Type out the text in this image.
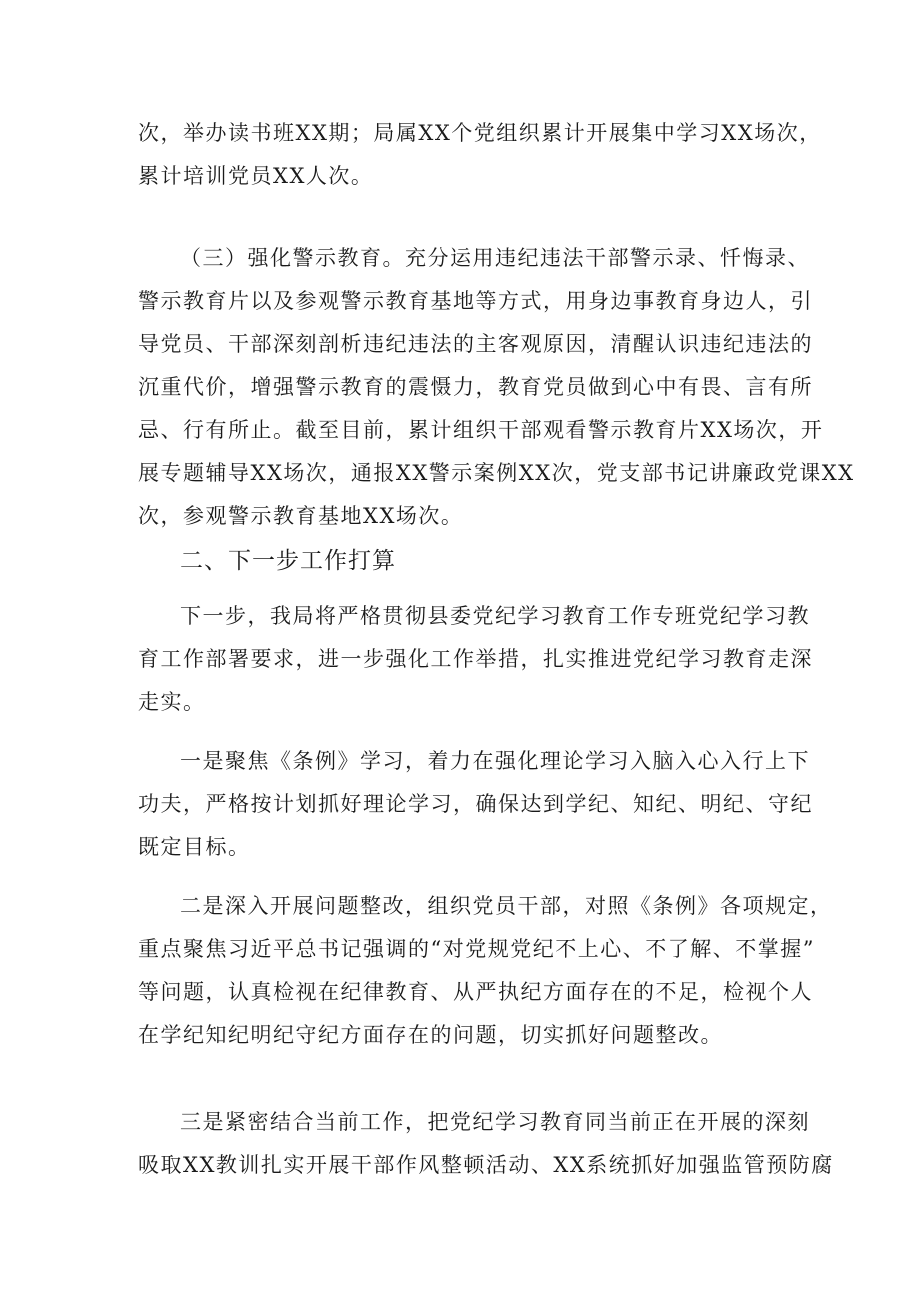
次，举办读书班XX期；局属XX个党组织累计开展集中学习XX场次，
累计培训党员XX人次。

（三）强化警示教育。充分运用违纪违法干部警示录、忏悔录、
警示教育片以及参观警示教育基地等方式，用身边事教育身边人，引
导党员、干部深刻剖析违纪违法的主客观原因，清醒认识违纪违法的
沉重代价，增强警示教育的震慑力，教育党员做到心中有畏、言有所
忌、行有所止。截至目前，累计组织干部观看警示教育片XX场次，开
展专题辅导XX场次，通报XX警示案例XX次，党支部书记讲廉政党课XX
次，参观警示教育基地XX场次。

二、下一步工作打算

下一步，我局将严格贯彻县委党纪学习教育工作专班党纪学习教
育工作部署要求，进一步强化工作举措，扎实推进党纪学习教育走深
走实。

一是聚焦《条例》学习，着力在强化理论学习入脑入心入行上下
功夫，严格按计划抓好理论学习，确保达到学纪、知纪、明纪、守纪
既定目标。

二是深入开展问题整改，组织党员干部，对照《条例》各项规定，
重点聚焦习近平总书记强调的“对党规党纪不上心、不了解、不掌握”
等问题，认真检视在纪律教育、从严执纪方面存在的不足，检视个人
在学纪知纪明纪守纪方面存在的问题，切实抓好问题整改。

三是紧密结合当前工作，把党纪学习教育同当前正在开展的深刻
吸取XX教训扎实开展干部作风整顿活动、XX系统抓好加强监管预防腐
